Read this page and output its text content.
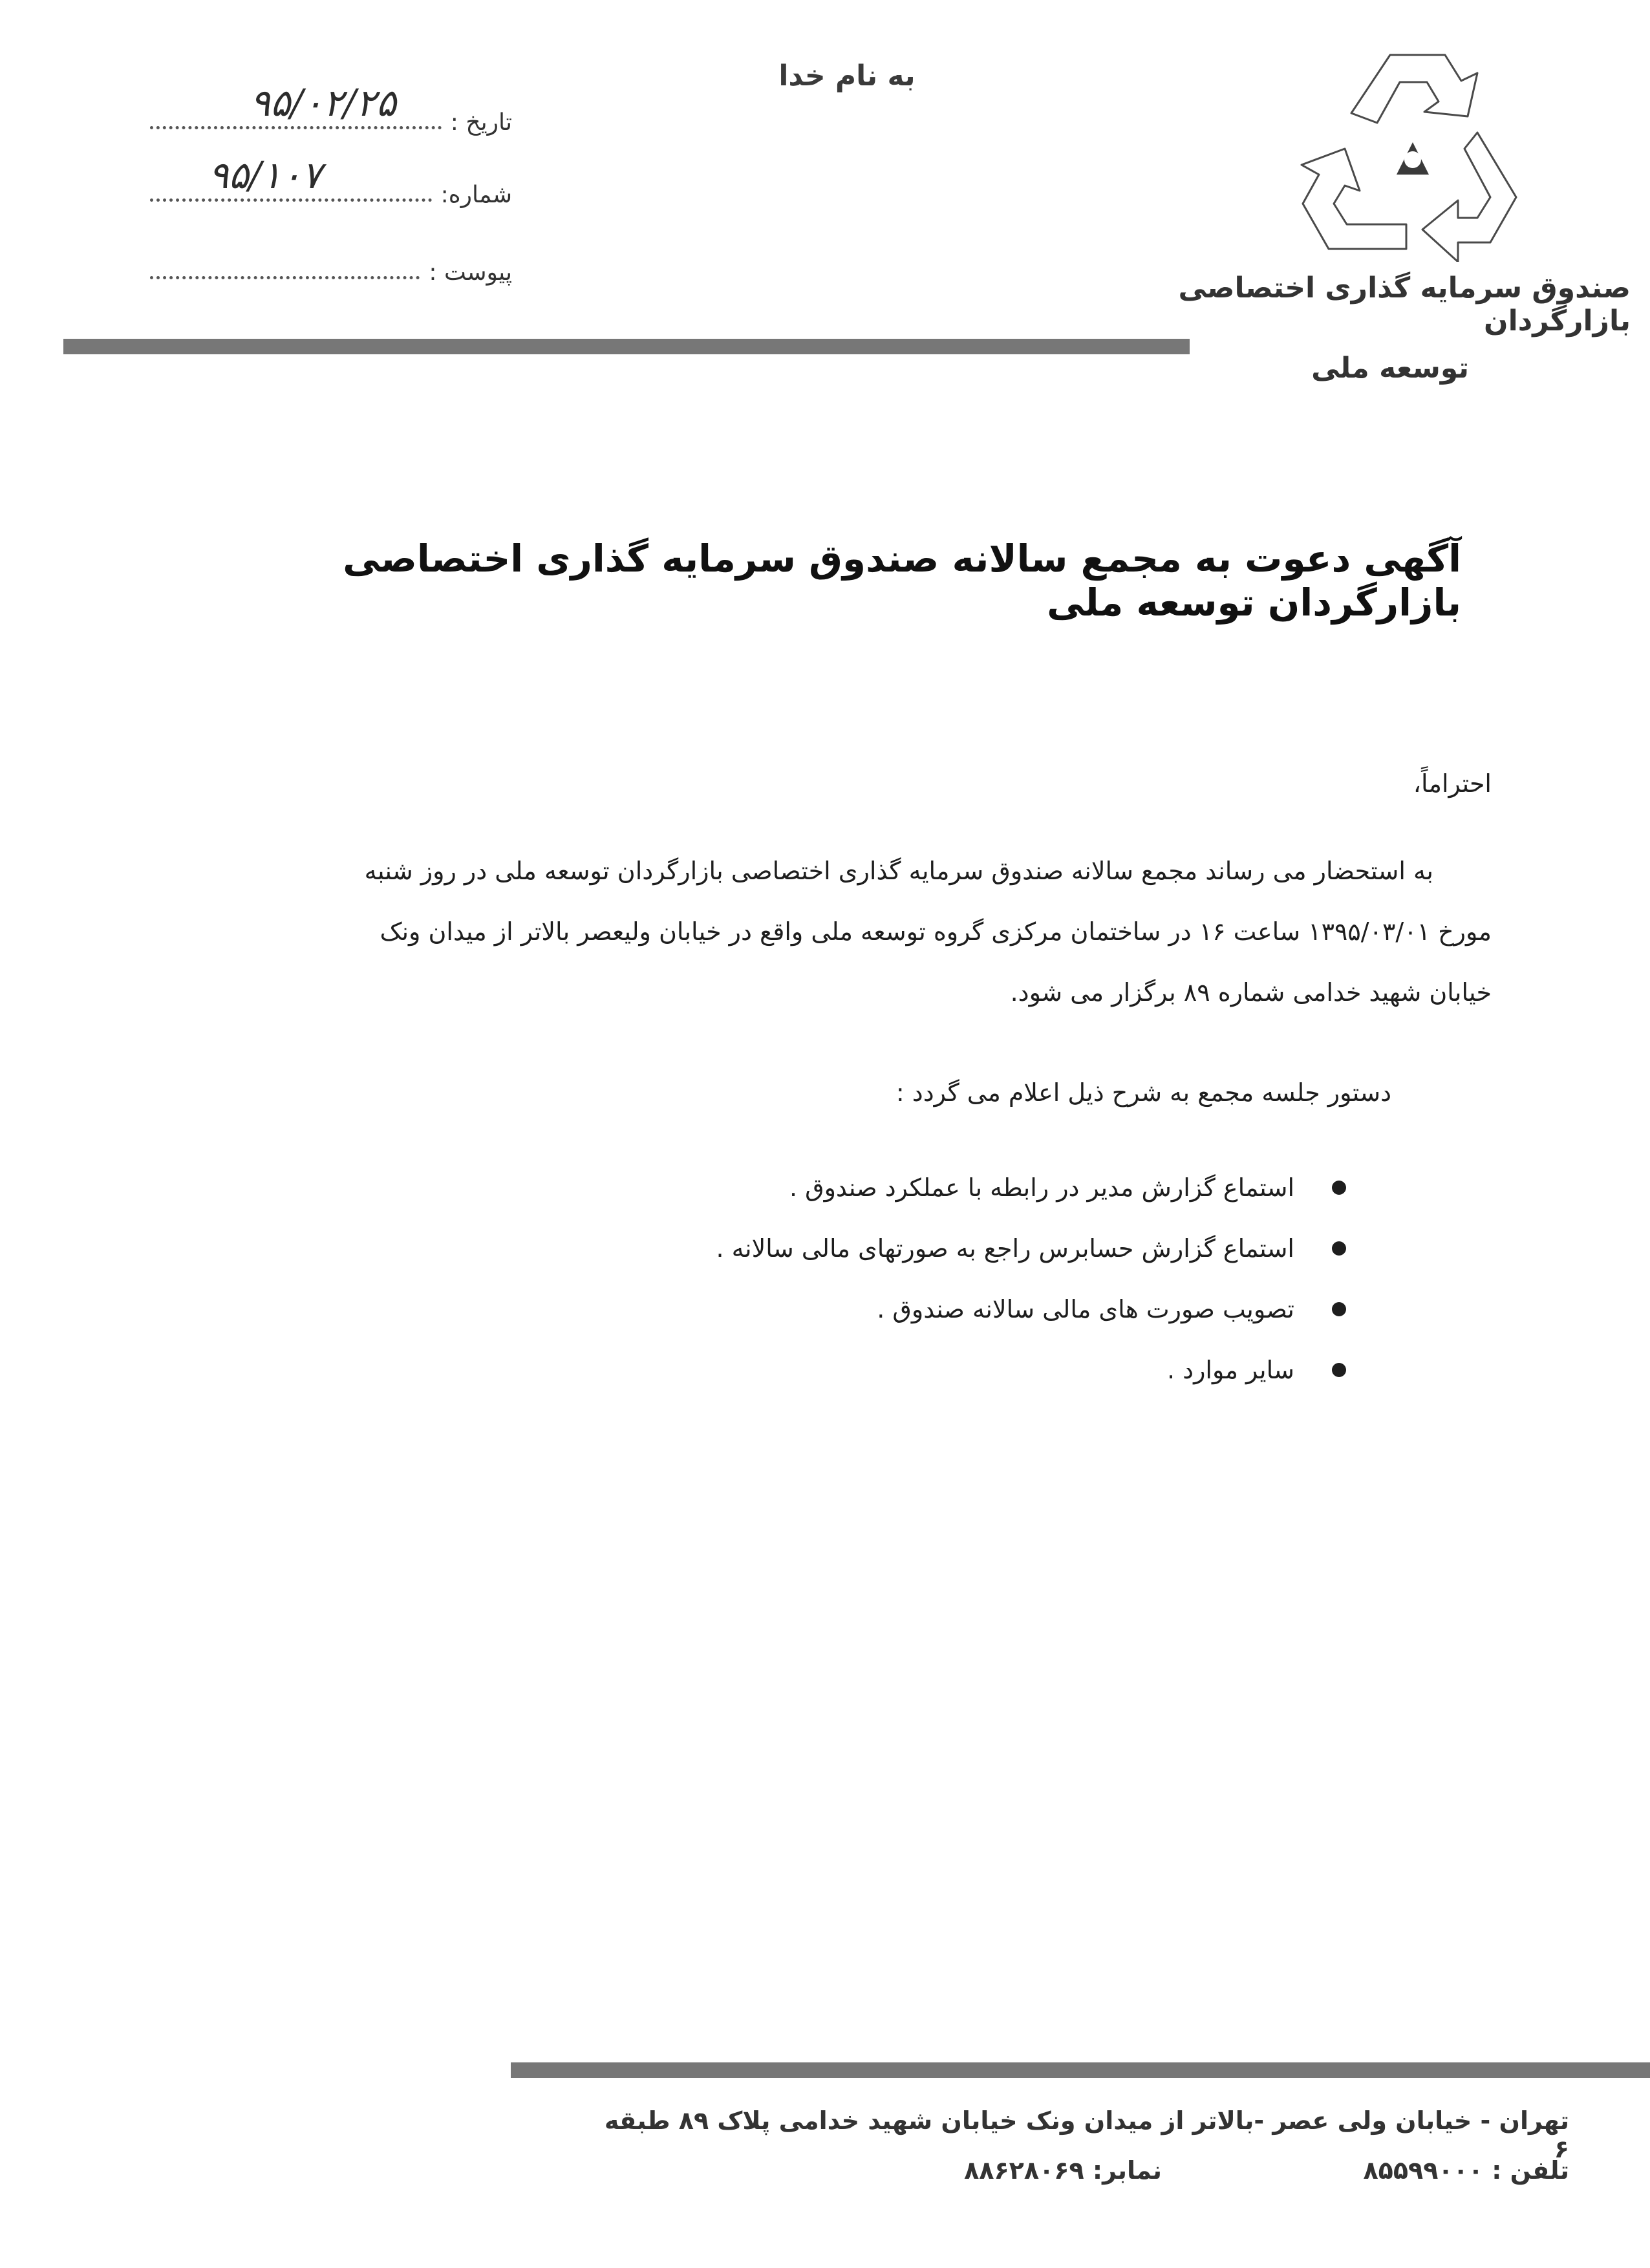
به نام خدا
صندوق سرمایه گذاری اختصاصی بازارگردان
توسعه ملی
تاریخ :
۹۵/۰۲/۲۵
شماره:
۹۵/۱۰۷
پیوست :
آگهی دعوت به مجمع سالانه صندوق سرمایه گذاری اختصاصی بازارگردان توسعه ملی
احتراماً،
به استحضار می رساند مجمع سالانه صندوق سرمایه گذاری اختصاصی بازارگردان توسعه ملی در روز شنبه
مورخ ۱۳۹۵/۰۳/۰۱ ساعت ۱۶ در ساختمان مرکزی گروه توسعه ملی واقع در خیابان ولیعصر بالاتر از میدان ونک
خیابان شهید خدامی شماره ۸۹ برگزار می شود.
دستور جلسه مجمع به شرح ذیل اعلام می گردد :
استماع گزارش مدیر در رابطه با عملکرد صندوق .
استماع گزارش حسابرس راجع به صورتهای مالی سالانه .
تصویب صورت های مالی سالانه صندوق .
سایر موارد .
تهران - خیابان ولی عصر -بالاتر از میدان ونک خیابان شهید خدامی پلاک ۸۹ طبقه ۶
تلفن : ۸۵۵۹۹۰۰۰
نمابر: ۸۸۶۲۸۰۶۹
